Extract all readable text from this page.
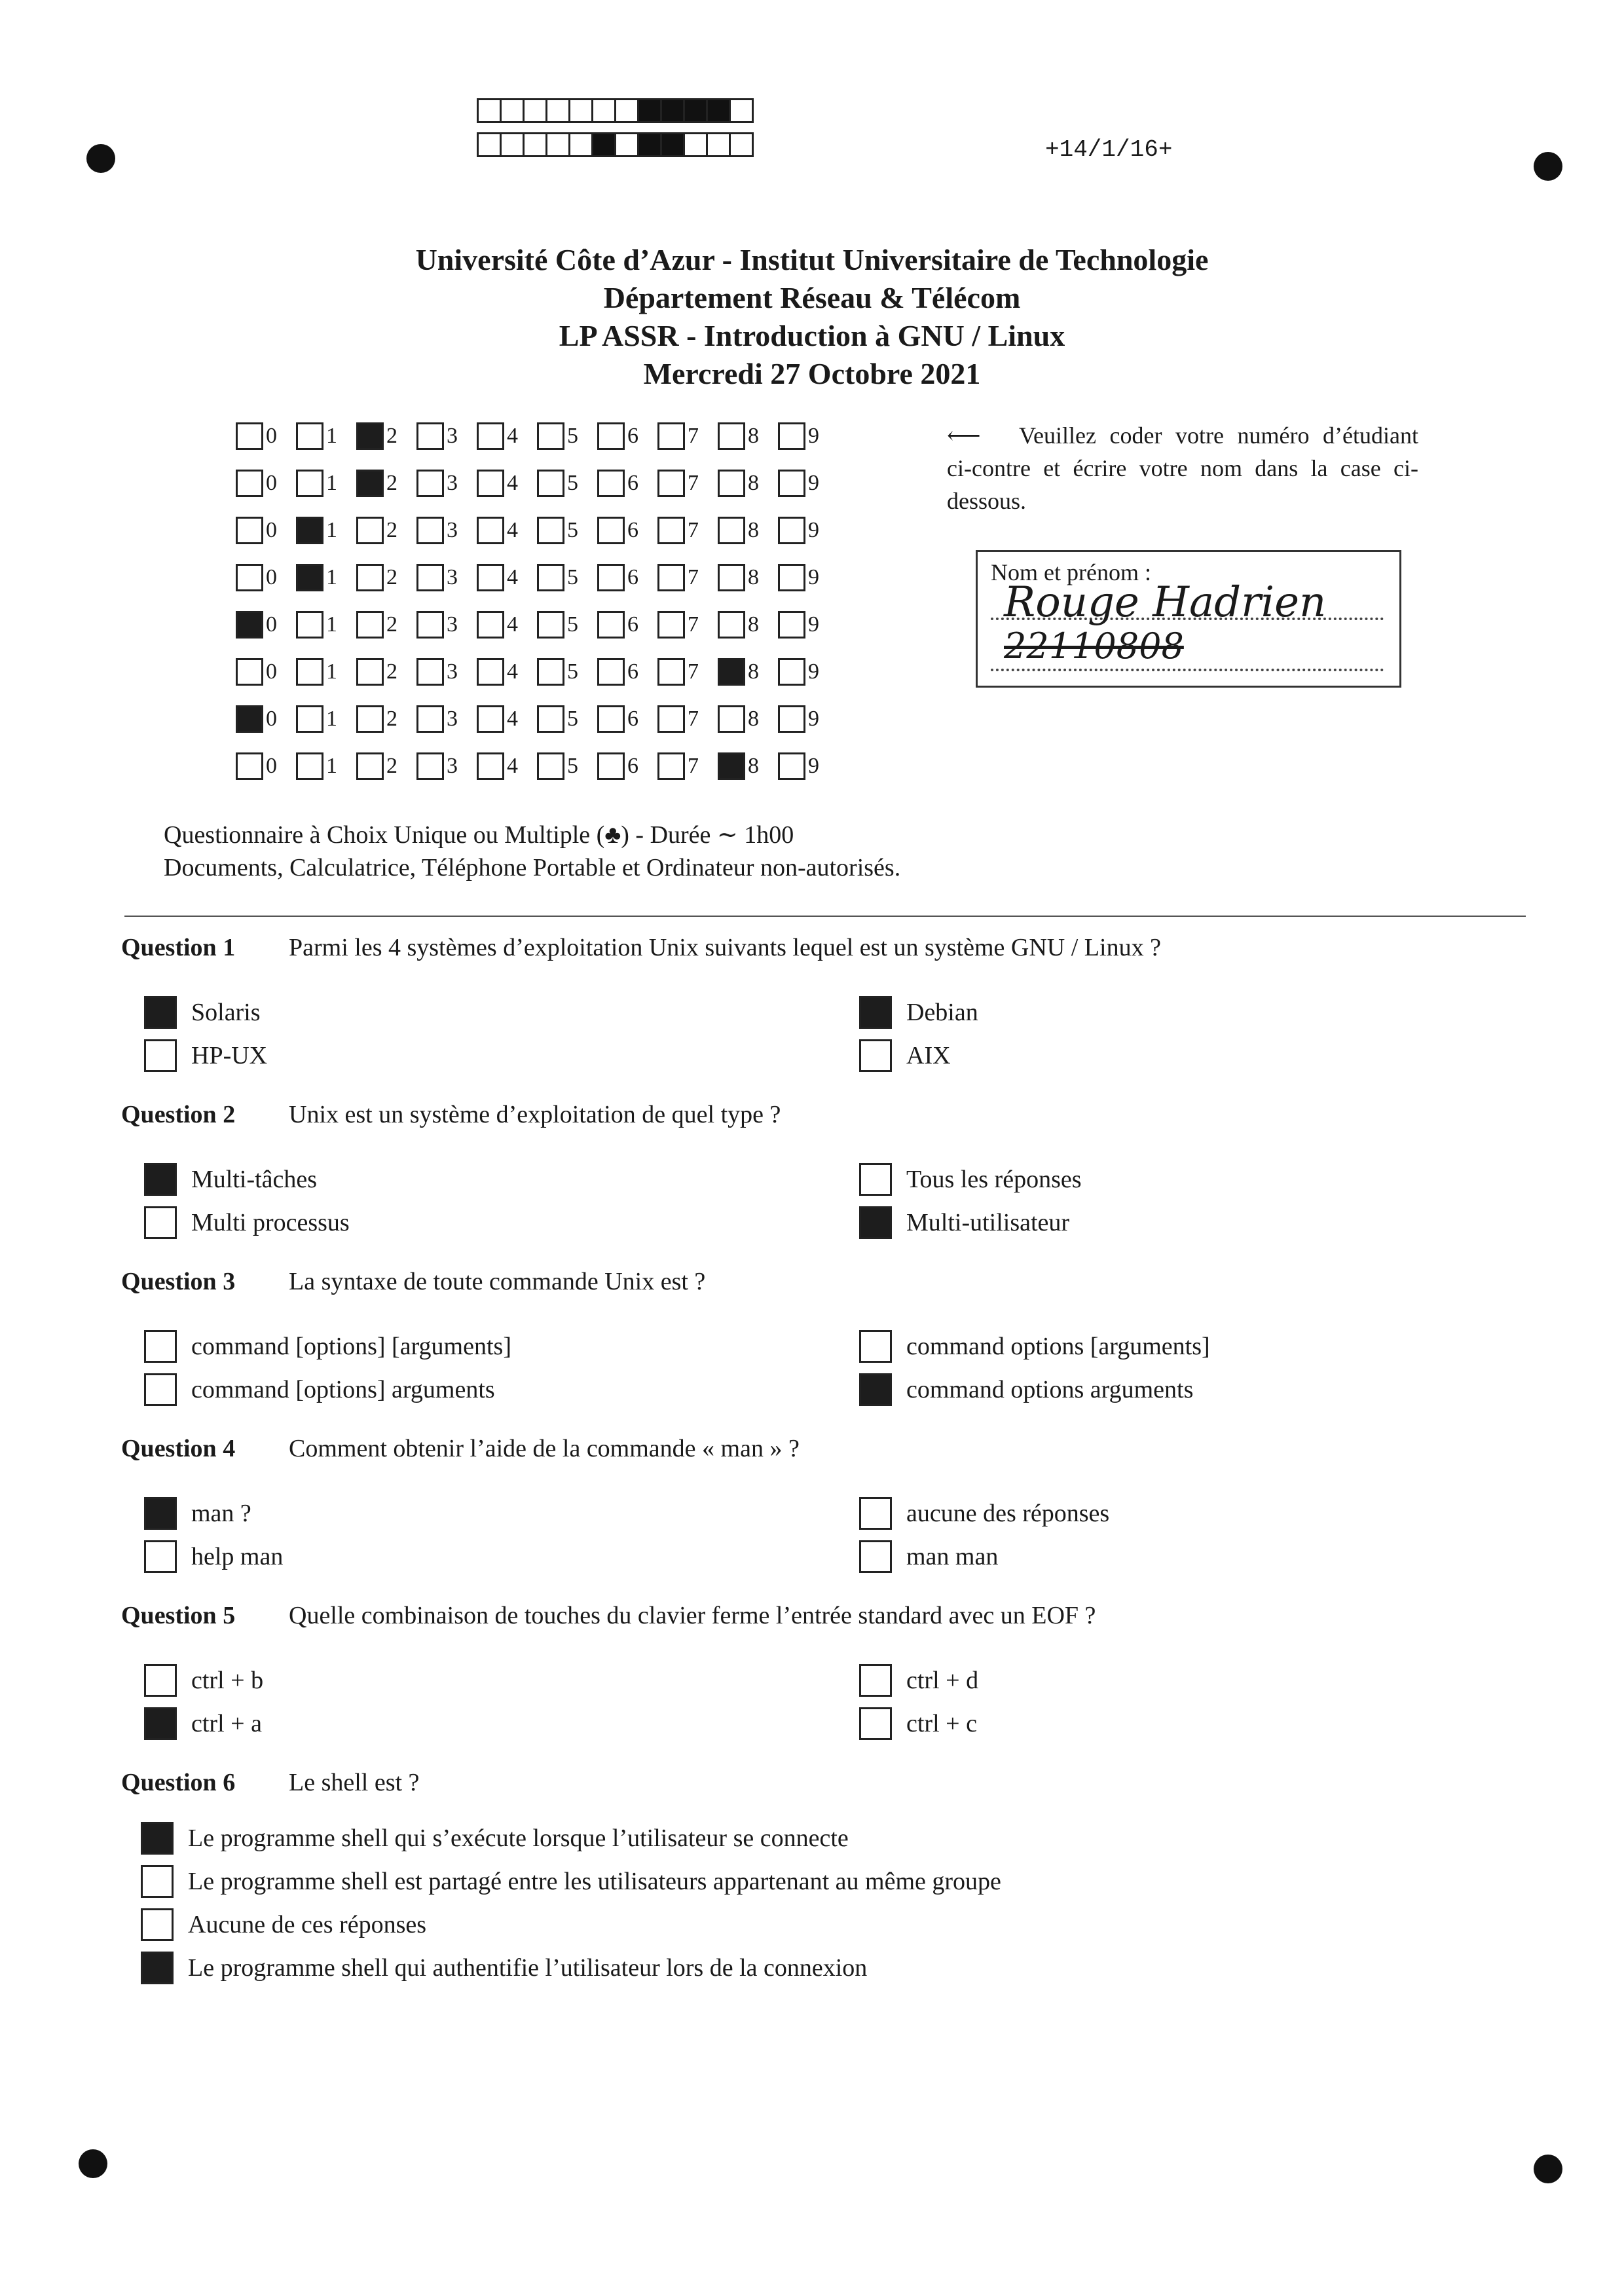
+14/1/16+
Université Côte d’Azur - Institut Universitaire de Technologie
Département Réseau & Télécom
LP ASSR - Introduction à GNU / Linux
Mercredi 27 Octobre 2021
0 1 2 3 4 5 6 7 8 9
0 1 2 3 4 5 6 7 8 9
0 1 2 3 4 5 6 7 8 9
0 1 2 3 4 5 6 7 8 9
0 1 2 3 4 5 6 7 8 9
0 1 2 3 4 5 6 7 8 9
0 1 2 3 4 5 6 7 8 9
0 1 2 3 4 5 6 7 8 9
⟵ Veuillez coder votre numéro d’étudiant ci-contre et écrire votre nom dans la case ci-dessous.
Nom et prénom :
Rouge Hadrien
22110808
Questionnaire à Choix Unique ou Multiple (♣) - Durée ∼ 1h00
Documents, Calculatrice, Téléphone Portable et Ordinateur non-autorisés.
Question 1 Parmi les 4 systèmes d’exploitation Unix suivants lequel est un système GNU / Linux ?
Solaris
HP-UX
Debian
AIX
Question 2 Unix est un système d’exploitation de quel type ?
Multi-tâches
Multi processus
Tous les réponses
Multi-utilisateur
Question 3 La syntaxe de toute commande Unix est ?
command [options] [arguments]
command [options] arguments
command options [arguments]
command options arguments
Question 4 Comment obtenir l’aide de la commande « man » ?
man ?
help man
aucune des réponses
man man
Question 5 Quelle combinaison de touches du clavier ferme l’entrée standard avec un EOF ?
ctrl + b
ctrl + a
ctrl + d
ctrl + c
Question 6 Le shell est ?
Le programme shell qui s’exécute lorsque l’utilisateur se connecte
Le programme shell est partagé entre les utilisateurs appartenant au même groupe
Aucune de ces réponses
Le programme shell qui authentifie l’utilisateur lors de la connexion
